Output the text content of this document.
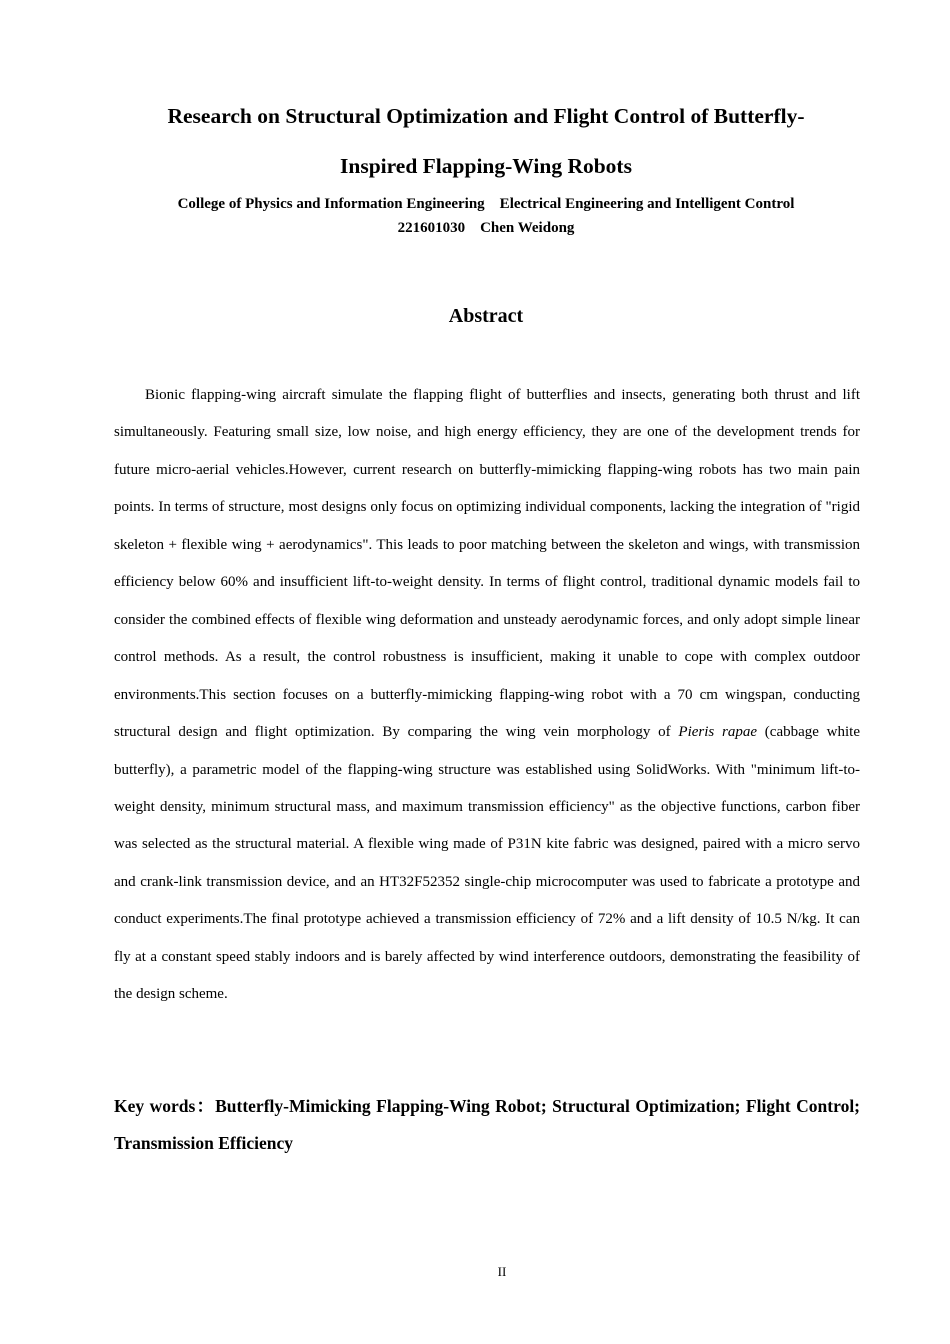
Research on Structural Optimization and Flight Control of Butterfly-
Inspired Flapping-Wing Robots
College of Physics and Information Engineering    Electrical Engineering and Intelligent Control
221601030    Chen Weidong
Abstract

Bionic flapping-wing aircraft simulate the flapping flight of butterflies and insects, generating both thrust and lift simultaneously. Featuring small size, low noise, and high energy efficiency, they are one of the development trends for future micro-aerial vehicles.However, current research on butterfly-mimicking flapping-wing robots has two main pain points. In terms of structure, most designs only focus on optimizing individual components, lacking the integration of "rigid skeleton + flexible wing + aerodynamics". This leads to poor matching between the skeleton and wings, with transmission efficiency below 60% and insufficient lift-to-weight density. In terms of flight control, traditional dynamic models fail to consider the combined effects of flexible wing deformation and unsteady aerodynamic forces, and only adopt simple linear control methods. As a result, the control robustness is insufficient, making it unable to cope with complex outdoor environments.This section focuses on a butterfly-mimicking flapping-wing robot with a 70 cm wingspan, conducting structural design and flight optimization. By comparing the wing vein morphology of Pieris rapae (cabbage white butterfly), a parametric model of the flapping-wing structure was established using SolidWorks. With "minimum lift-to-weight density, minimum structural mass, and maximum transmission efficiency" as the objective functions, carbon fiber was selected as the structural material. A flexible wing made of P31N kite fabric was designed, paired with a micro servo and crank-link transmission device, and an HT32F52352 single-chip microcomputer was used to fabricate a prototype and conduct experiments.The final prototype achieved a transmission efficiency of 72% and a lift density of 10.5 N/kg. It can fly at a constant speed stably indoors and is barely affected by wind interference outdoors, demonstrating the feasibility of the design scheme.

Key words：Butterfly-Mimicking Flapping-Wing Robot; Structural Optimization; Flight Control; Transmission Efficiency

II
